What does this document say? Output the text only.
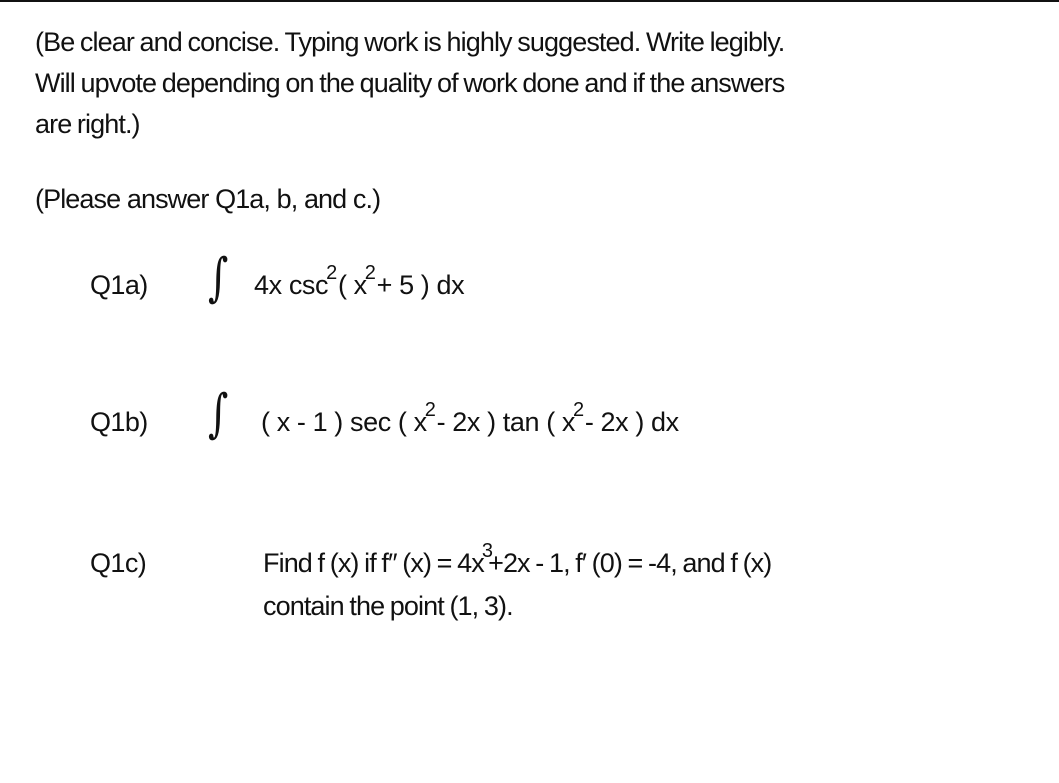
(Be clear and concise. Typing work is highly suggested. Write legibly.
Will upvote depending on the quality of work done and if the answers
are right.)
(Please answer Q1a, b, and c.)
Q1a) ∫ 4x csc2 ( x2 + 5 ) dx
Q1b) ∫ ( x - 1 ) sec ( x2 - 2x ) tan ( x2 - 2x ) dx
Q1c)	Find f (x) if f″ (x) = 4x3+2x - 1, f′ (0) = -4, and f (x)
contain the point (1, 3).
